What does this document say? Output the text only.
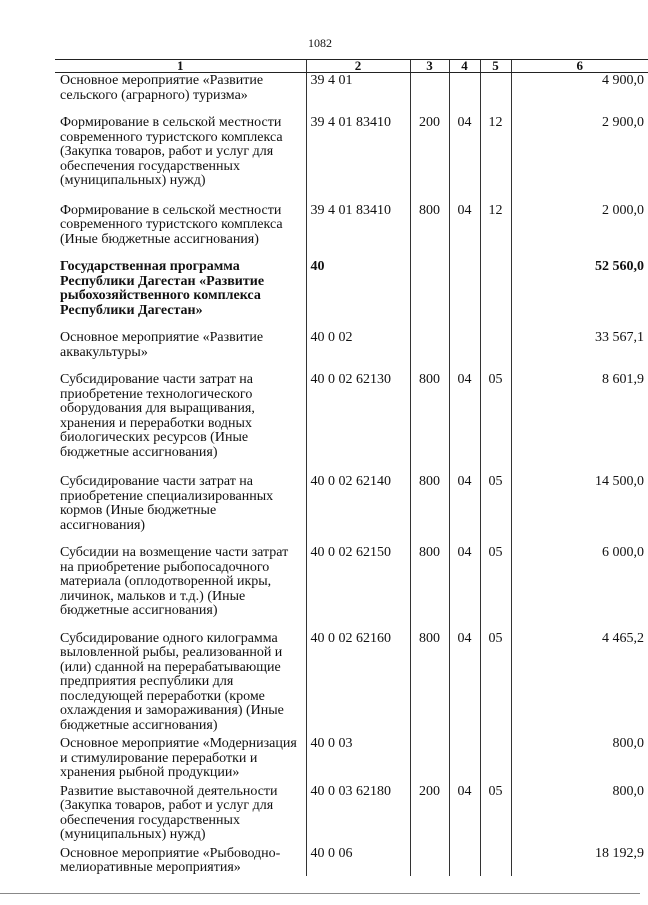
1082
1	2	3	4	5	6
Основное мероприятие «Развитие сельского (аграрного) туризма»	39 4 01				4 900,0
Формирование в сельской местности современного туристского комплекса (Закупка товаров, работ и услуг для обеспечения государственных (муниципальных) нужд)	39 4 01 83410	200	04	12	2 900,0
Формирование в сельской местности современного туристского комплекса (Иные бюджетные ассигнования)	39 4 01 83410	800	04	12	2 000,0
Государственная программа Республики Дагестан «Развитие рыбохозяйственного комплекса Республики Дагестан»	40				52 560,0
Основное мероприятие «Развитие аквакультуры»	40 0 02				33 567,1
Субсидирование части затрат на приобретение технологического оборудования для выращивания, хранения и переработки водных биологических ресурсов (Иные бюджетные ассигнования)	40 0 02 62130	800	04	05	8 601,9
Субсидирование части затрат на приобретение специализированных кормов (Иные бюджетные ассигнования)	40 0 02 62140	800	04	05	14 500,0
Субсидии на возмещение части затрат на приобретение рыбопосадочного материала (оплодотворенной икры, личинок, мальков и т.д.) (Иные бюджетные ассигнования)	40 0 02 62150	800	04	05	6 000,0
Субсидирование одного килограмма выловленной рыбы, реализованной и (или) сданной на перерабатывающие предприятия республики для последующей переработки (кроме охлаждения и замораживания) (Иные бюджетные ассигнования)	40 0 02 62160	800	04	05	4 465,2
Основное мероприятие «Модернизация и стимулирование переработки и хранения рыбной продукции»	40 0 03				800,0
Развитие выставочной деятельности (Закупка товаров, работ и услуг для обеспечения государственных (муниципальных) нужд)	40 0 03 62180	200	04	05	800,0
Основное мероприятие «Рыбоводно-мелиоративные мероприятия»	40 0 06				18 192,9
